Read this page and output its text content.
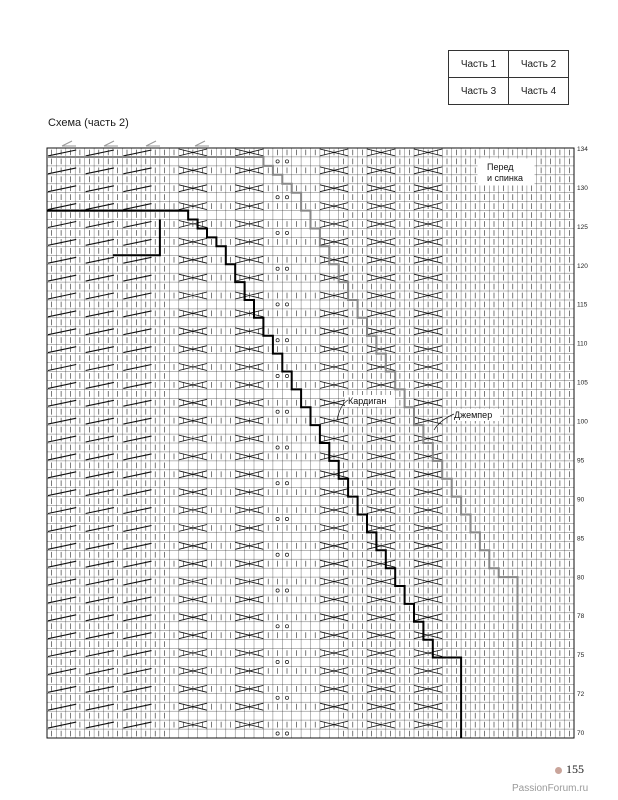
Часть 1	Часть 2
Часть 3	Часть 4
Схема (часть 2)
134
130
125
120
115
110
105
100
95
90
85
80
78
75
72
70
Перед
и спинка
Кардиган
Джемпер
155
PassionForum.ru
